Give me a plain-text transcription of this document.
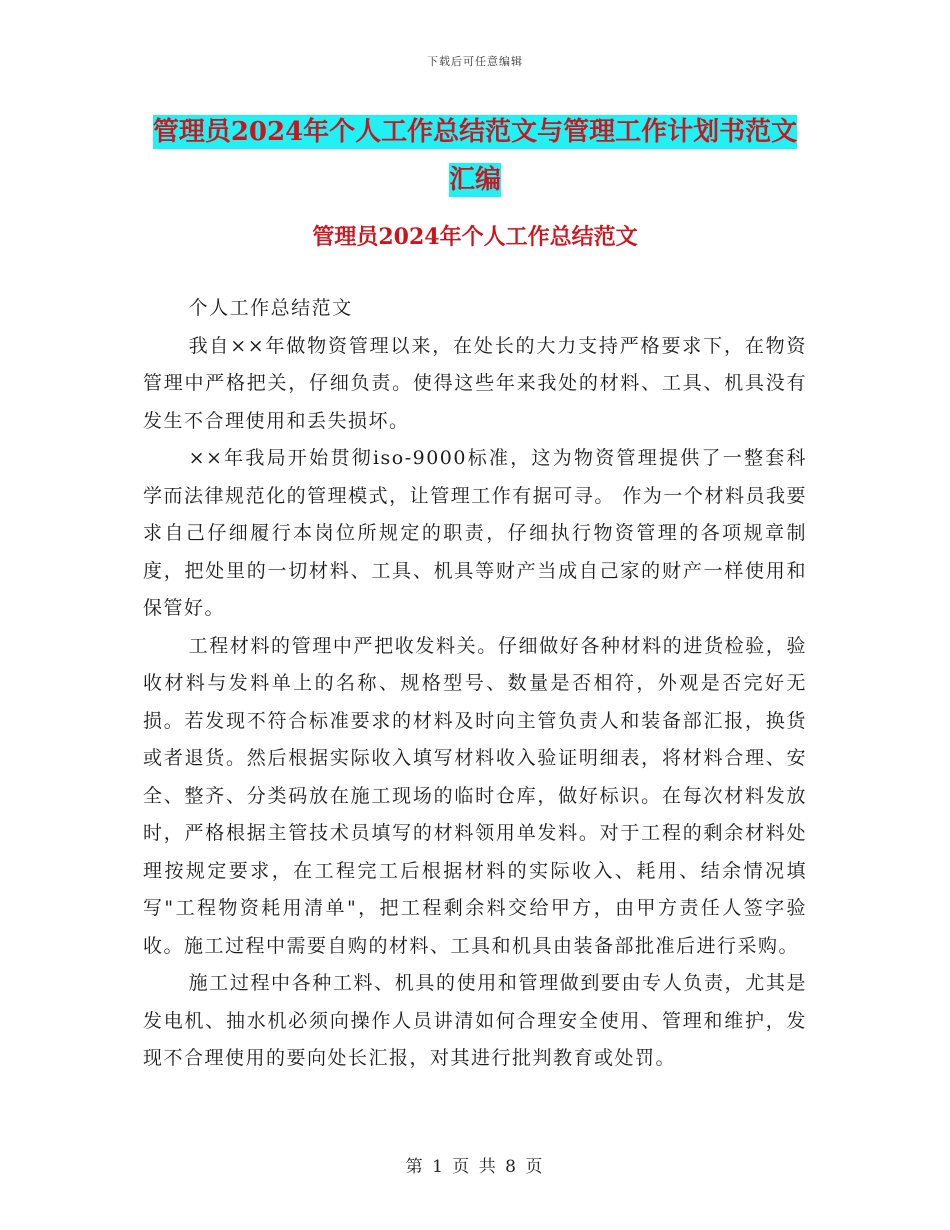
下载后可任意编辑
管理员2024年个人工作总结范文与管理工作计划书范文汇编
管理员2024年个人工作总结范文

个人工作总结范文

我自××年做物资管理以来，在处长的大力支持严格要求下，在物资管理中严格把关，仔细负责。使得这些年来我处的材料、工具、机具没有发生不合理使用和丢失损坏。

××年我局开始贯彻iso-9000标准，这为物资管理提供了一整套科学而法律规范化的管理模式，让管理工作有据可寻。 作为一个材料员我要求自己仔细履行本岗位所规定的职责，仔细执行物资管理的各项规章制度，把处里的一切材料、工具、机具等财产当成自己家的财产一样使用和保管好。

工程材料的管理中严把收发料关。仔细做好各种材料的进货检验，验收材料与发料单上的名称、规格型号、数量是否相符，外观是否完好无损。若发现不符合标准要求的材料及时向主管负责人和装备部汇报，换货或者退货。然后根据实际收入填写材料收入验证明细表，将材料合理、安全、整齐、分类码放在施工现场的临时仓库，做好标识。在每次材料发放时，严格根据主管技术员填写的材料领用单发料。对于工程的剩余材料处理按规定要求，在工程完工后根据材料的实际收入、耗用、结余情况填写"工程物资耗用清单"，把工程剩余料交给甲方，由甲方责任人签字验收。施工过程中需要自购的材料、工具和机具由装备部批准后进行采购。

施工过程中各种工料、机具的使用和管理做到要由专人负责，尤其是发电机、抽水机必须向操作人员讲清如何合理安全使用、管理和维护，发现不合理使用的要向处长汇报，对其进行批判教育或处罚。

第 1 页 共 8 页
